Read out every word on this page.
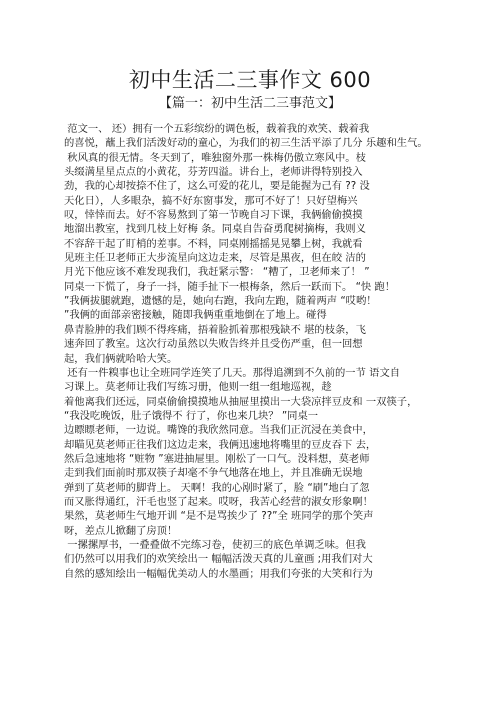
初中生活二三事作文 600
【篇一：初中生活二三事范文】
范文一、 还）拥有一个五彩缤纷的调色板，载着我的欢笑、载着我
的喜悦，蘸上我们活泼好动的童心，为我们的初三生活平添了几分 乐趣和生气。
秋风真的很无情。冬天到了，唯独窗外那一株梅仍傲立寒风中。枝
头缀满星星点点的小黄花，芬芳四溢。讲台上，老师讲得特别投入
劲，我的心却按捺不住了，这么可爱的花儿，要是能握为己有 ?? 没
天化日），人多眼杂，搞不好东窗事发，那可不好了！只好望梅兴
叹，悻悻而去。好不容易熬到了第一节晚自习下课，我俩偷偷摸摸
地溜出教室，找到几枝上好梅 条。同桌自告奋勇爬树摘梅，我则义
不容辞干起了盯梢的差事。不料，同桌刚摇摇晃晃攀上树，我就看
见班主任卫老师正大步流星向这边走来，尽管是黑夜，但在皎 洁的
月光下他应该不难发现我们，我赶紧示警： “糟了，卫老师来了！ ”
同桌一下慌了，身子一抖，随手扯下一根梅条，然后一跃而下。 “快 跑！
”我俩拔腿就跑，遗憾的是，她向右跑，我向左跑，随着两声 “哎哟！
”我俩的面部亲密接触，随即我俩重重地倒在了地上。碰得
鼻青脸肿的我们顾不得疼痛，捂着脸抓着那根残缺不 堪的枝条，飞
速奔回了教室。这次行动虽然以失败告终并且受伤严重，但一回想
起，我们俩就哈哈大笑。
还有一件糗事也让全班同学连笑了几天。那得追溯到不久前的一节 语文自
习课上。莫老师让我们写练习册，他则一组一组地巡视，趁
着他离我们还远，同桌偷偷摸摸地从抽屉里摸出一大袋凉拌豆皮和 一双筷子，
“我没吃晚饭，肚子饿得不 行了，你也来几块？ ”同桌一
边瞟瞟老师，一边说。嘴馋的我欣然同意。当我们正沉浸在美食中，
却瞄见莫老师正往我们这边走来，我俩迅速地将嘴里的豆皮吞下 去，
然后急速地将 “赃物 ”塞进抽屉里。刚松了一口气。没料想，莫老师
走到我们面前时那双筷子却毫不争气地落在地上，并且准确无误地
弹到了莫老师的脚背上。 天啊！我的心剐时紧了，脸 “刷”地白了忽
而又胀得通红，汗毛也竖了起来。哎呀，我苦心经营的淑女形象啊！
果然，莫老师生气地开训 “是不是骂挨少了 ??”全 班同学的那个笑声
呀，差点儿掀翻了房顶！
一摞摞厚书，一叠叠做不完练习卷，使初三的底色单调乏味。但我
们仍然可以用我们的欢笑绘出一 幅幅活泼天真的儿童画 ;用我们对大
自然的感知绘出一幅幅优美动人的水墨画；用我们夸张的大笑和行为
